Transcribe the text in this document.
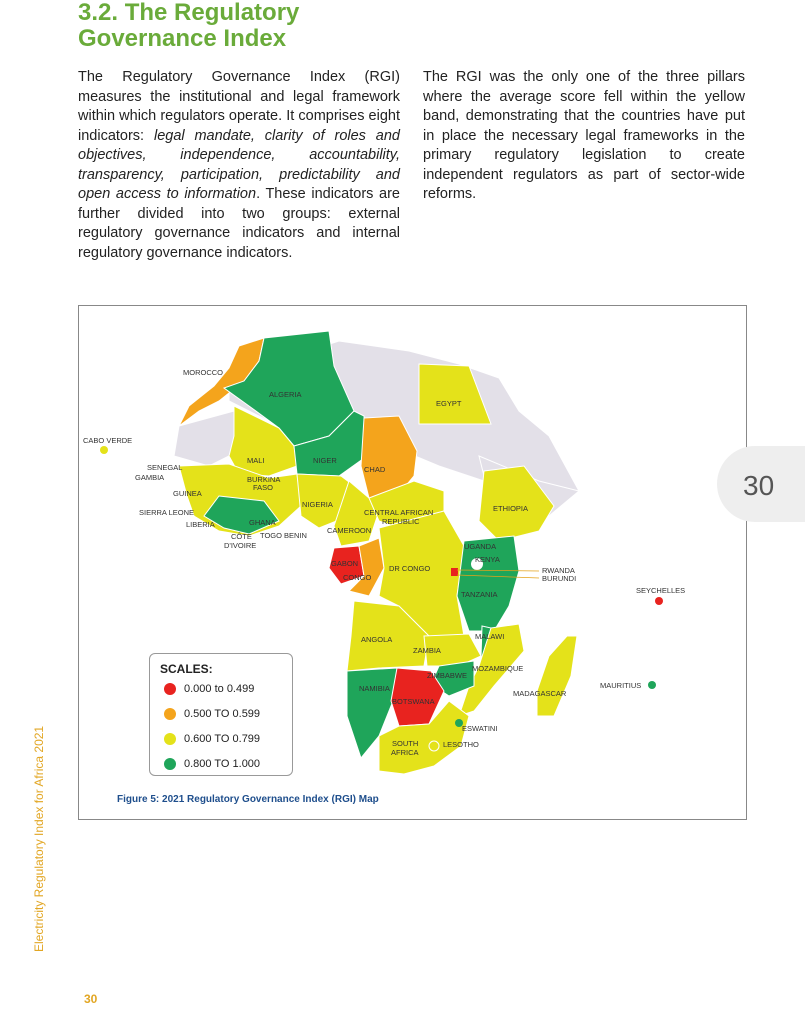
3.2. The Regulatory
Governance Index
The Regulatory Governance Index (RGI) measures the institutional and legal framework within which regulators operate. It comprises eight indicators: legal mandate, clarity of roles and objectives, independence, accountability, transparency, participation, predictability and open access to information. These indicators are further divided into two groups: external regulatory governance indicators and internal regulatory governance indicators.
The RGI was the only one of the three pillars where the average score fell within the yellow band, demonstrating that the countries have put in place the necessary legal frameworks in the primary regulatory legislation to create independent regulators as part of sector-wide reforms.
MOROCCO
ALGERIA
EGYPT
CABO VERDE
MALI	NIGER
CHAD
SENEGAL
GAMBIA	BURKINA
FASO
GUINEA
NIGERIA
SIERRA LEONE
LIBERIA	GHANA
CÔTE
D'IVOIRE
TOGO BENIN
CENTRAL AFRICAN
REPUBLIC
CAMEROON
ETHIOPIA
GABON
CONGO
DR CONGO
UGANDA
KENYA
RWANDA
BURUNDI
TANZANIA	SEYCHELLES
ANGOLA	MALAWI
ZAMBIA
MOZAMBIQUE
ZIMBABWE
NAMIBIA
MADAGASCAR
MAURITIUS
BOTSWANA
ESWATINI
SOUTH
AFRICA
LESOTHO
SCALES:
0.000 to 0.499
0.500 TO 0.599
0.600 TO 0.799
0.800 TO 1.000
Figure 5: 2021 Regulatory Governance Index (RGI) Map
30
Electricity Regulatory Index for Africa 2021
30
